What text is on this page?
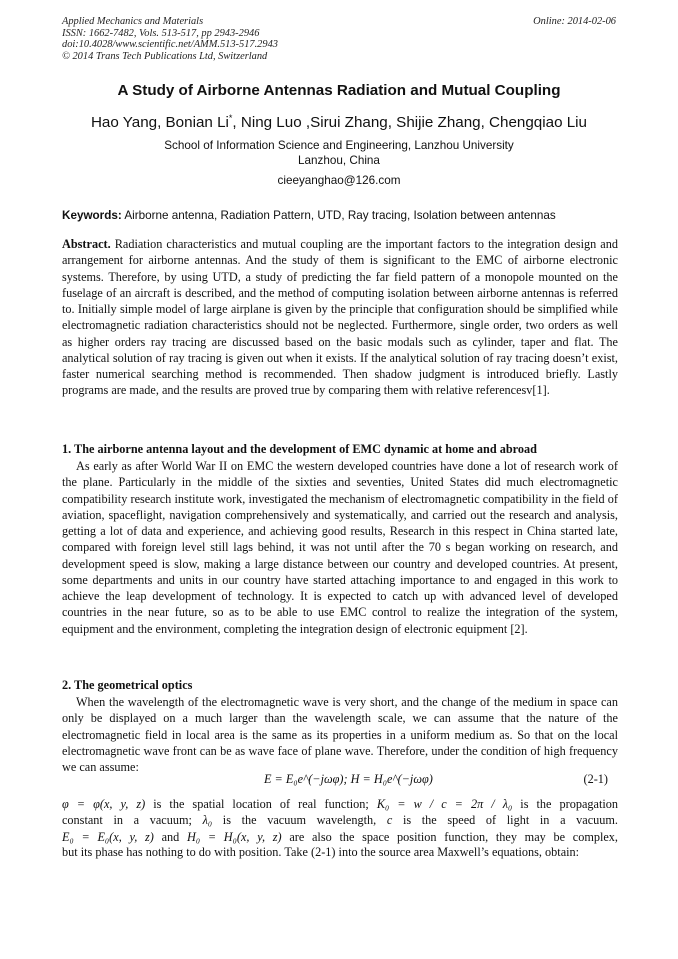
Applied Mechanics and Materials
ISSN: 1662-7482, Vols. 513-517, pp 2943-2946
doi:10.4028/www.scientific.net/AMM.513-517.2943
© 2014 Trans Tech Publications Ltd, Switzerland
Online: 2014-02-06
A Study of Airborne Antennas Radiation and Mutual Coupling
Hao Yang, Bonian Li*, Ning Luo ,Sirui Zhang, Shijie Zhang, Chengqiao Liu
School of Information Science and Engineering, Lanzhou University
Lanzhou, China
cieeyanghao@126.com
Keywords: Airborne antenna, Radiation Pattern, UTD, Ray tracing, Isolation between antennas
Abstract. Radiation characteristics and mutual coupling are the important factors to the integration design and arrangement for airborne antennas. And the study of them is significant to the EMC of airborne electronic systems. Therefore, by using UTD, a study of predicting the far field pattern of a monopole mounted on the fuselage of an aircraft is described, and the method of computing isolation between airborne antennas is referred to. Initially simple model of large airplane is given by the principle that configuration should be simplified while electromagnetic radiation characteristics should not be neglected. Furthermore, single order, two orders as well as higher orders ray tracing are discussed based on the basic modals such as cylinder, taper and flat. The analytical solution of ray tracing is given out when it exists. If the analytical solution of ray tracing doesn’t exist, faster numerical searching method is recommended. Then shadow judgment is introduced briefly. Lastly programs are made, and the results are proved true by comparing them with relative referencesv[1].
1. The airborne antenna layout and the development of EMC dynamic at home and abroad
As early as after World War II on EMC the western developed countries have done a lot of research work of the plane. Particularly in the middle of the sixties and seventies, United States did much electromagnetic compatibility research institute work, investigated the mechanism of electromagnetic compatibility in the field of aviation, spaceflight, navigation comprehensively and systematically, and carried out the research and analysis, getting a lot of data and experience, and achieving good results, Research in this respect in China started late, compared with foreign level still lags behind, it was not until after the 70 s began working on research, and development speed is slow, making a large distance between our country and developed countries. At present, some departments and units in our country have started attaching importance to and engaged in this work to achieve the leap development of technology. It is expected to catch up with advanced level of developed countries in the near future, so as to be able to use EMC control to realize the integration of the system, equipment and the environment, completing the integration design of electronic equipment [2].
2. The geometrical optics
When the wavelength of the electromagnetic wave is very short, and the change of the medium in space can only be displayed on a much larger than the wavelength scale, we can assume that the nature of the electromagnetic field in local area is the same as its properties in a uniform medium as. So that on the local electromagnetic wave front can be as wave face of plane wave. Therefore, under the condition of high frequency we can assume:
E = E₀e^(−jωφ); H = H₀e^(−jωφ)	(2-1)
φ = φ(x, y, z) is the spatial location of real function; K₀ = w / c = 2π / λ₀ is the propagation
constant in a vacuum; λ₀ is the vacuum wavelength, c is the speed of light in a vacuum.
E₀ = E₀(x, y, z) and H₀ = H₀(x, y, z) are also the space position function, they may be complex,
but its phase has nothing to do with position. Take (2-1) into the source area Maxwell’s equations, obtain:
